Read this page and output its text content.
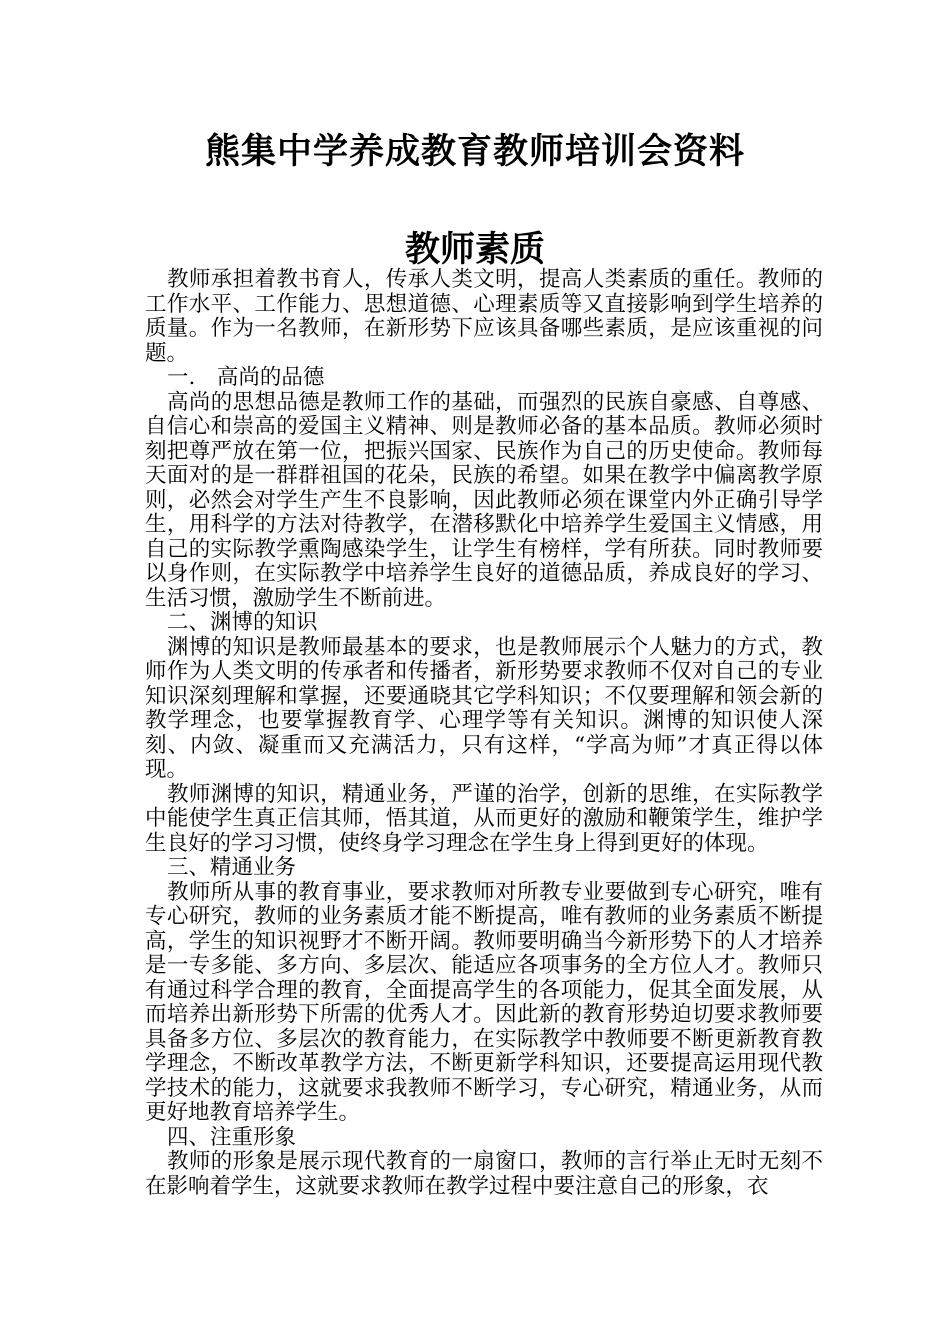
熊集中学养成教育教师培训会资料
教师素质

教师承担着教书育人，传承人类文明，提高人类素质的重任。教师的工作水平、工作能力、思想道德、心理素质等又直接影响到学生培养的质量。作为一名教师，在新形势下应该具备哪些素质，是应该重视的问题。

一.　高尚的品德

高尚的思想品德是教师工作的基础，而强烈的民族自豪感、自尊感、自信心和崇高的爱国主义精神、则是教师必备的基本品质。教师必须时刻把尊严放在第一位，把振兴国家、民族作为自己的历史使命。教师每天面对的是一群群祖国的花朵，民族的希望。如果在教学中偏离教学原则，必然会对学生产生不良影响，因此教师必须在课堂内外正确引导学生，用科学的方法对待教学，在潜移默化中培养学生爱国主义情感，用自己的实际教学熏陶感染学生，让学生有榜样，学有所获。同时教师要以身作则，在实际教学中培养学生良好的道德品质，养成良好的学习、生活习惯，激励学生不断前进。

二、渊博的知识

渊博的知识是教师最基本的要求，也是教师展示个人魅力的方式，教师作为人类文明的传承者和传播者，新形势要求教师不仅对自己的专业知识深刻理解和掌握，还要通晓其它学科知识；不仅要理解和领会新的教学理念，也要掌握教育学、心理学等有关知识。渊博的知识使人深刻、内敛、凝重而又充满活力，只有这样，“学高为师”才真正得以体现。

教师渊博的知识，精通业务，严谨的治学，创新的思维，在实际教学中能使学生真正信其师，悟其道，从而更好的激励和鞭策学生，维护学生良好的学习习惯，使终身学习理念在学生身上得到更好的体现。

三、精通业务

教师所从事的教育事业，要求教师对所教专业要做到专心研究，唯有专心研究，教师的业务素质才能不断提高，唯有教师的业务素质不断提高，学生的知识视野才不断开阔。教师要明确当今新形势下的人才培养是一专多能、多方向、多层次、能适应各项事务的全方位人才。教师只有通过科学合理的教育，全面提高学生的各项能力，促其全面发展，从而培养出新形势下所需的优秀人才。因此新的教育形势迫切要求教师要具备多方位、多层次的教育能力，在实际教学中教师要不断更新教育教学理念，不断改革教学方法，不断更新学科知识，还要提高运用现代教学技术的能力，这就要求我教师不断学习，专心研究，精通业务，从而更好地教育培养学生。

四、注重形象

教师的形象是展示现代教育的一扇窗口，教师的言行举止无时无刻不在影响着学生，这就要求教师在教学过程中要注意自己的形象，衣
